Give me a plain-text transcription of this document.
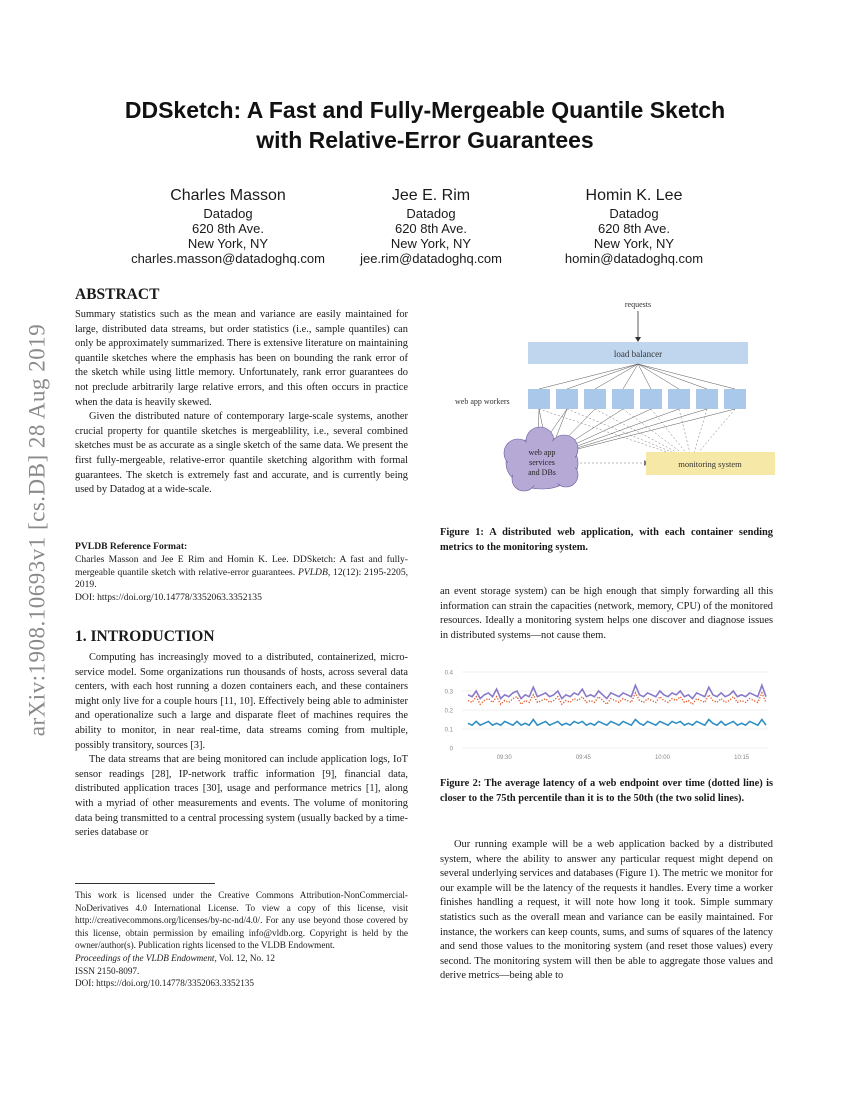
arXiv:1908.10693v1 [cs.DB] 28 Aug 2019
DDSketch: A Fast and Fully-Mergeable Quantile Sketch
with Relative-Error Guarantees
Charles Masson
Datadog
620 8th Ave.
New York, NY
charles.masson@datadoghq.com
Jee E. Rim
Datadog
620 8th Ave.
New York, NY
jee.rim@datadoghq.com
Homin K. Lee
Datadog
620 8th Ave.
New York, NY
homin@datadoghq.com
ABSTRACT

Summary statistics such as the mean and variance are easily maintained for large, distributed data streams, but order statistics (i.e., sample quantiles) can only be approximately summarized. There is extensive literature on maintaining quantile sketches where the emphasis has been on bounding the rank error of the sketch while using little memory. Unfortunately, rank error guarantees do not preclude arbitrarily large relative errors, and this often occurs in practice when the data is heavily skewed.

Given the distributed nature of contemporary large-scale systems, another crucial property for quantile sketches is mergeablility, i.e., several combined sketches must be as accurate as a single sketch of the same data. We present the first fully-mergeable, relative-error quantile sketching algorithm with formal guarantees. The sketch is extremely fast and accurate, and is currently being used by Datadog at a wide-scale.

PVLDB Reference Format:
Charles Masson and Jee E Rim and Homin K. Lee. DDSketch: A fast and fully-mergeable quantile sketch with relative-error guarantees. PVLDB, 12(12): 2195-2205, 2019.
DOI: https://doi.org/10.14778/3352063.3352135
1. INTRODUCTION

Computing has increasingly moved to a distributed, containerized, micro-service model. Some organizations run thousands of hosts, across several data centers, with each host running a dozen containers each, and these containers might only live for a couple hours [11, 10]. Effectively being able to administer and operationalize such a large and disparate fleet of machines requires the ability to monitor, in near real-time, data streams coming from multiple, possibly transitory, sources [3].

The data streams that are being monitored can include application logs, IoT sensor readings [28], IP-network traffic information [9], financial data, distributed application traces [30], usage and performance metrics [1], along with a myriad of other measurements and events. The volume of monitoring data being transmitted to a central processing system (usually backed by a time-series database or

This work is licensed under the Creative Commons Attribution-NonCommercial-NoDerivatives 4.0 International License. To view a copy of this license, visit http://creativecommons.org/licenses/by-nc-nd/4.0/. For any use beyond those covered by this license, obtain permission by emailing info@vldb.org. Copyright is held by the owner/author(s). Publication rights licensed to the VLDB Endowment.
Proceedings of the VLDB Endowment, Vol. 12, No. 12
ISSN 2150-8097.
DOI: https://doi.org/10.14778/3352063.3352135
requests
load balancer
web app workers
web app
services
and DBs
monitoring system
Figure 1: A distributed web application, with each container sending metrics to the monitoring system.

an event storage system) can be high enough that simply forwarding all this information can strain the capacities (network, memory, CPU) of the monitored resources. Ideally a monitoring system helps one discover and diagnose issues in distributed systems—not cause them.

0
0.1
0.2
0.3
0.4
09:30	09:45	10:00	10:15
Figure 2: The average latency of a web endpoint over time (dotted line) is closer to the 75th percentile than it is to the 50th (the two solid lines).

Our running example will be a web application backed by a distributed system, where the ability to answer any particular request might depend on several underlying services and databases (Figure 1). The metric we monitor for our example will be the latency of the requests it handles. Every time a worker finishes handling a request, it will note how long it took. Simple summary statistics such as the overall mean and variance can be easily maintained. For instance, the workers can keep counts, sums, and sums of squares of the latency and send those values to the monitoring system (and reset those values) every second. The monitoring system will then be able to aggregate those values and derive metrics—being able to
